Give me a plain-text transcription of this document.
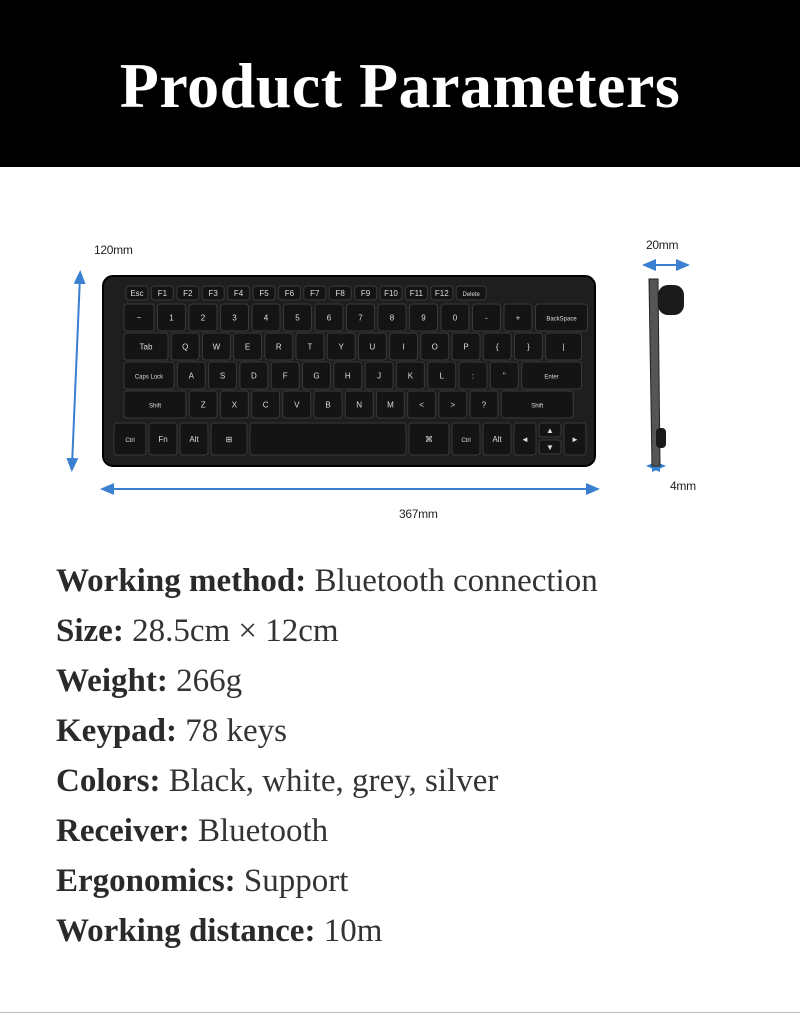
Product Parameters
Esc F1 F2 F3 F4 F5 F6 F7 F8 F9 F10 F11 F12 Delete
~	1	2	3	4	5	6	7	8	9	0	-	+	BackSpace
Tab	Q	W	E	R	T	Y	U	I	O	P	{	}	|
Caps Lock	A	S	D	F	G	H	J	K	L	:	"	Enter
Shift	Z	X	C	V	B	N	M	<	>	?	Shift
Ctrl	Fn	Alt	⊞	⌘	Ctrl	Alt ◄
▲
▼
►
120mm
367mm
20mm
4mm
Working method: Bluetooth connection
Size: 28.5cm × 12cm
Weight: 266g
Keypad: 78 keys
Colors: Black, white, grey, silver
Receiver: Bluetooth
Ergonomics: Support
Working distance: 10m
